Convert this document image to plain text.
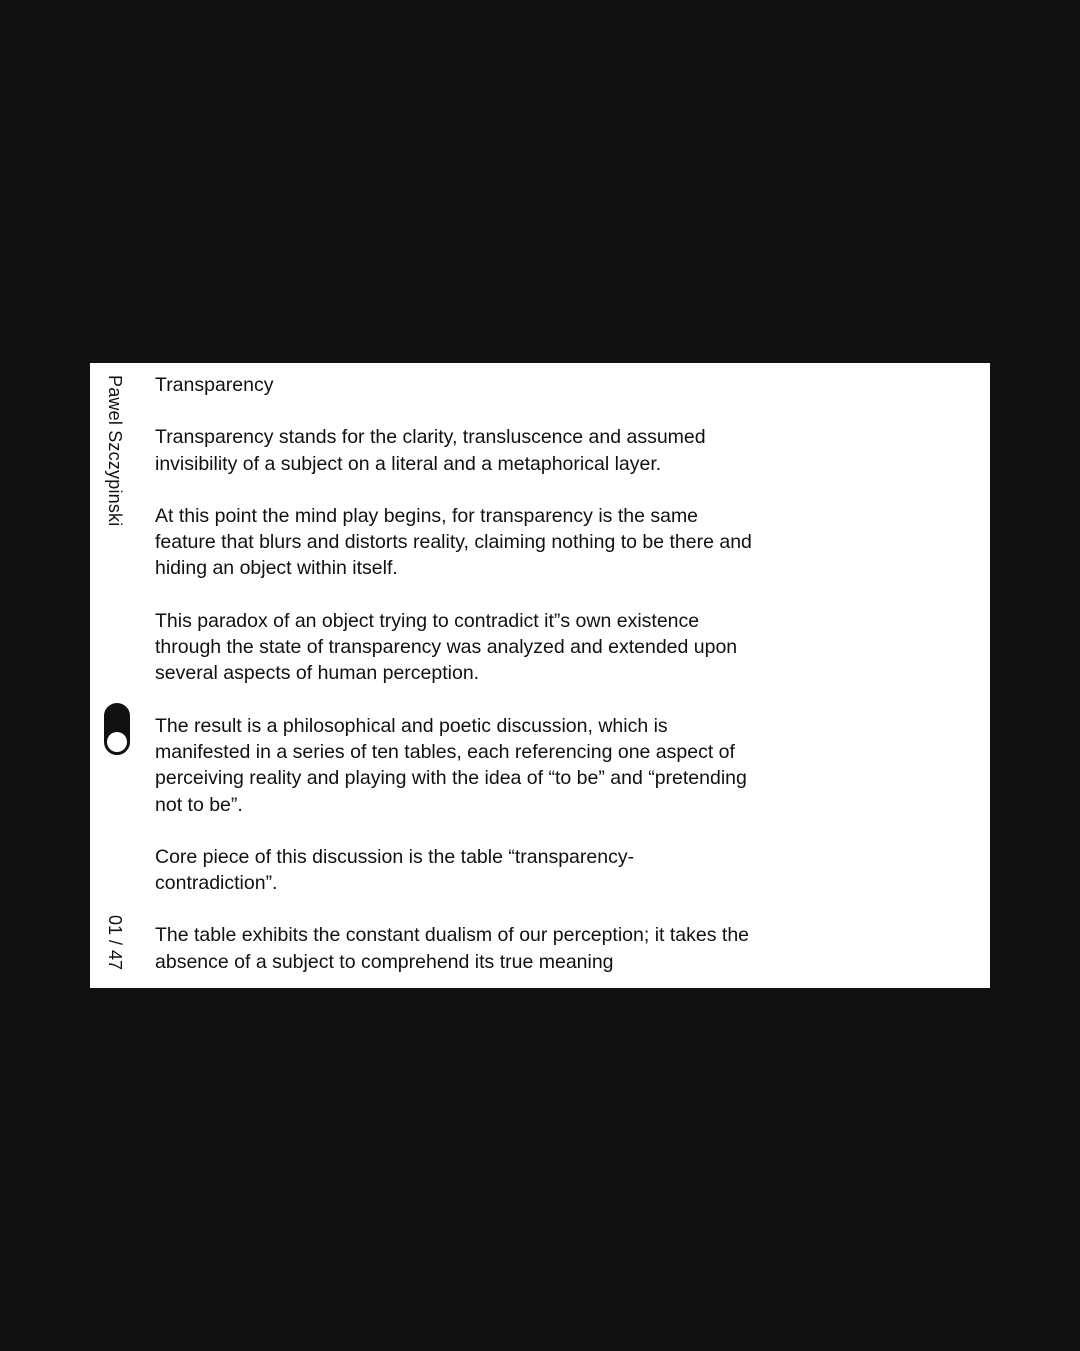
Pawel Szczypinski
01 / 47

Transparency

Transparency stands for the clarity, transluscence and assumed invisibility of a subject on a literal and a metaphorical layer.

At this point the mind play begins, for transparency is the same feature that blurs and distorts reality, claiming nothing to be there and hiding an object within itself.

This paradox of an object trying to contradict it”s own existence through the state of transparency was analyzed and extended upon several aspects of human perception.

The result is a philosophical and poetic discussion, which is manifested in a series of ten tables, each referencing one aspect of perceiving reality and playing with the idea of “to be” and “pretending not to be”.

Core piece of this discussion is the table “transparency-contradiction”.

The table exhibits the constant dualism of our perception; it takes the absence of a subject to comprehend its true meaning
